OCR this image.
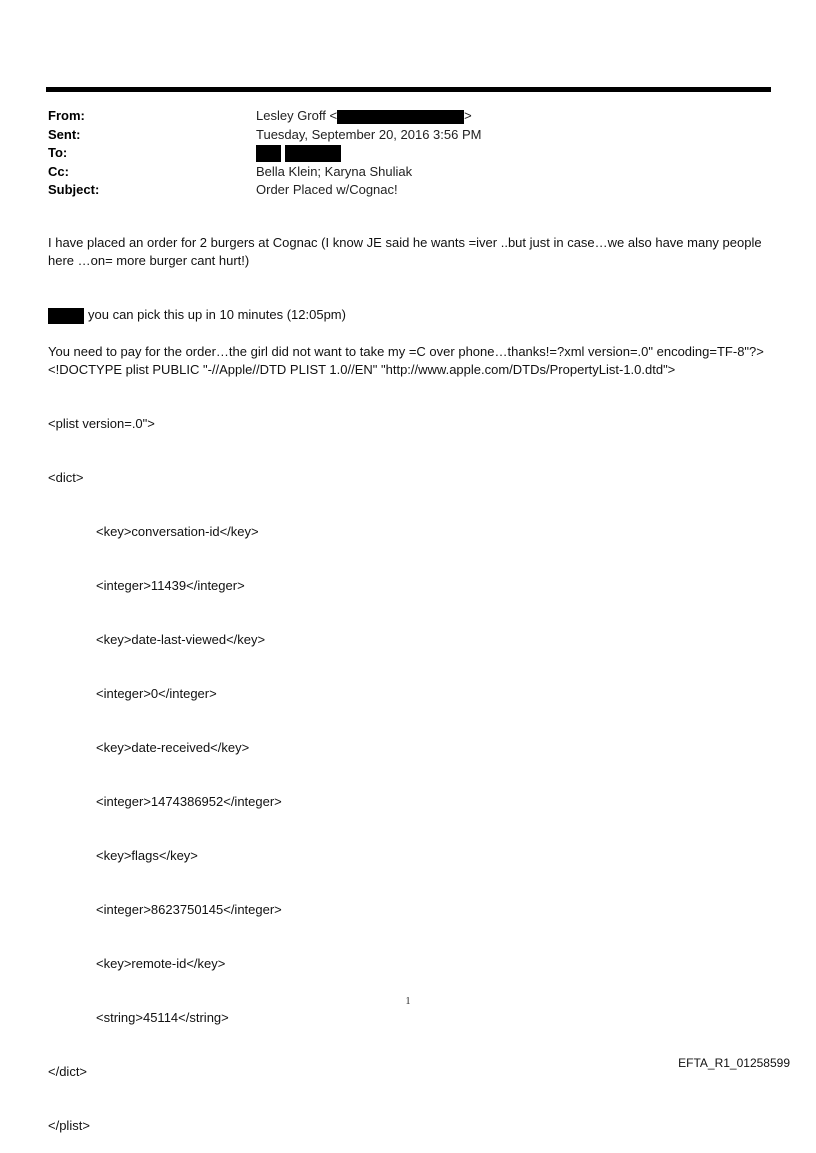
From:	Lesley Groff <	>
Sent:	Tuesday, September 20, 2016 3:56 PM
To:
Cc:	Bella Klein; Karyna Shuliak
Subject:	Order Placed w/Cognac!
I have placed an order for 2 burgers at Cognac (I know JE said he wants =iver ..but just in case…we also have many people here …on= more burger cant hurt!)
you can pick this up in 10 minutes (12:05pm)
You need to pay for the order…the girl did not want to take my =C over phone…thanks!=?xml version=.0" encoding=TF-8"?> <!DOCTYPE plist PUBLIC "-//Apple//DTD PLIST 1.0//EN" "http://www.apple.com/DTDs/PropertyList-1.0.dtd">

<plist version=.0">

<dict>

<key>conversation-id</key>

<integer>11439</integer>

<key>date-last-viewed</key>

<integer>0</integer>

<key>date-received</key>

<integer>1474386952</integer>

<key>flags</key>

<integer>8623750145</integer>

<key>remote-id</key>

<string>45114</string>

</dict>

</plist>

1
EFTA_R1_01258599
